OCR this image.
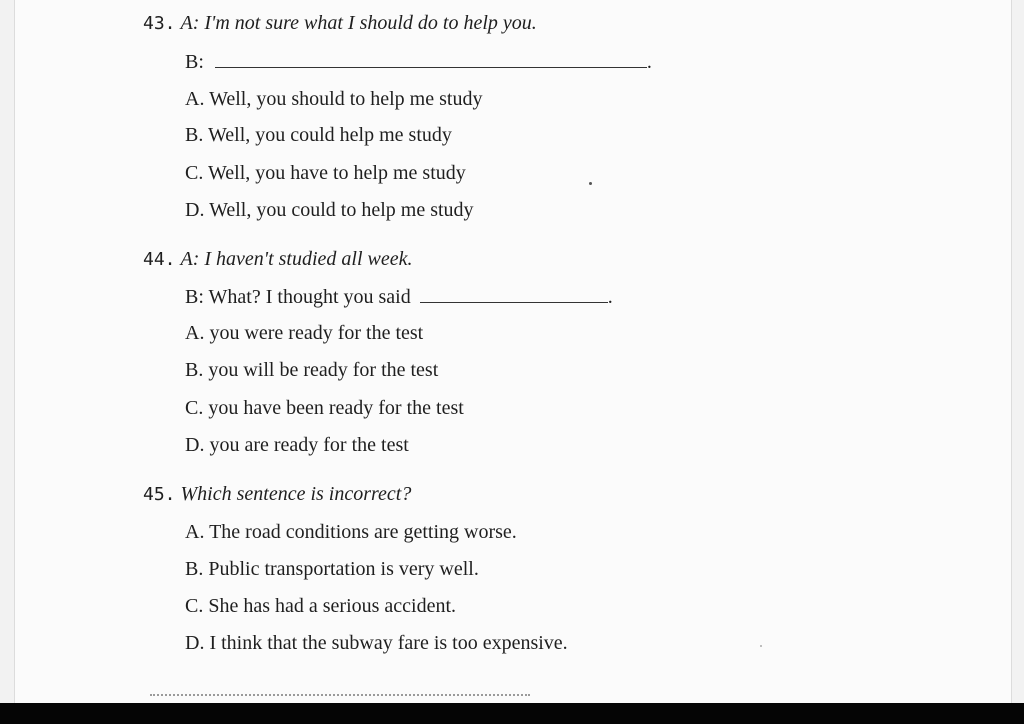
43. A: I'm not sure what I should do to help you.
B:	.
A. Well, you should to help me study
B. Well, you could help me study
C. Well, you have to help me study
D. Well, you could to help me study
44. A: I haven't studied all week.
B: What? I thought you said	.
A. you were ready for the test
B. you will be ready for the test
C. you have been ready for the test
D. you are ready for the test
45. Which sentence is incorrect?
A. The road conditions are getting worse.
B. Public transportation is very well.
C. She has had a serious accident.
D. I think that the subway fare is too expensive.
